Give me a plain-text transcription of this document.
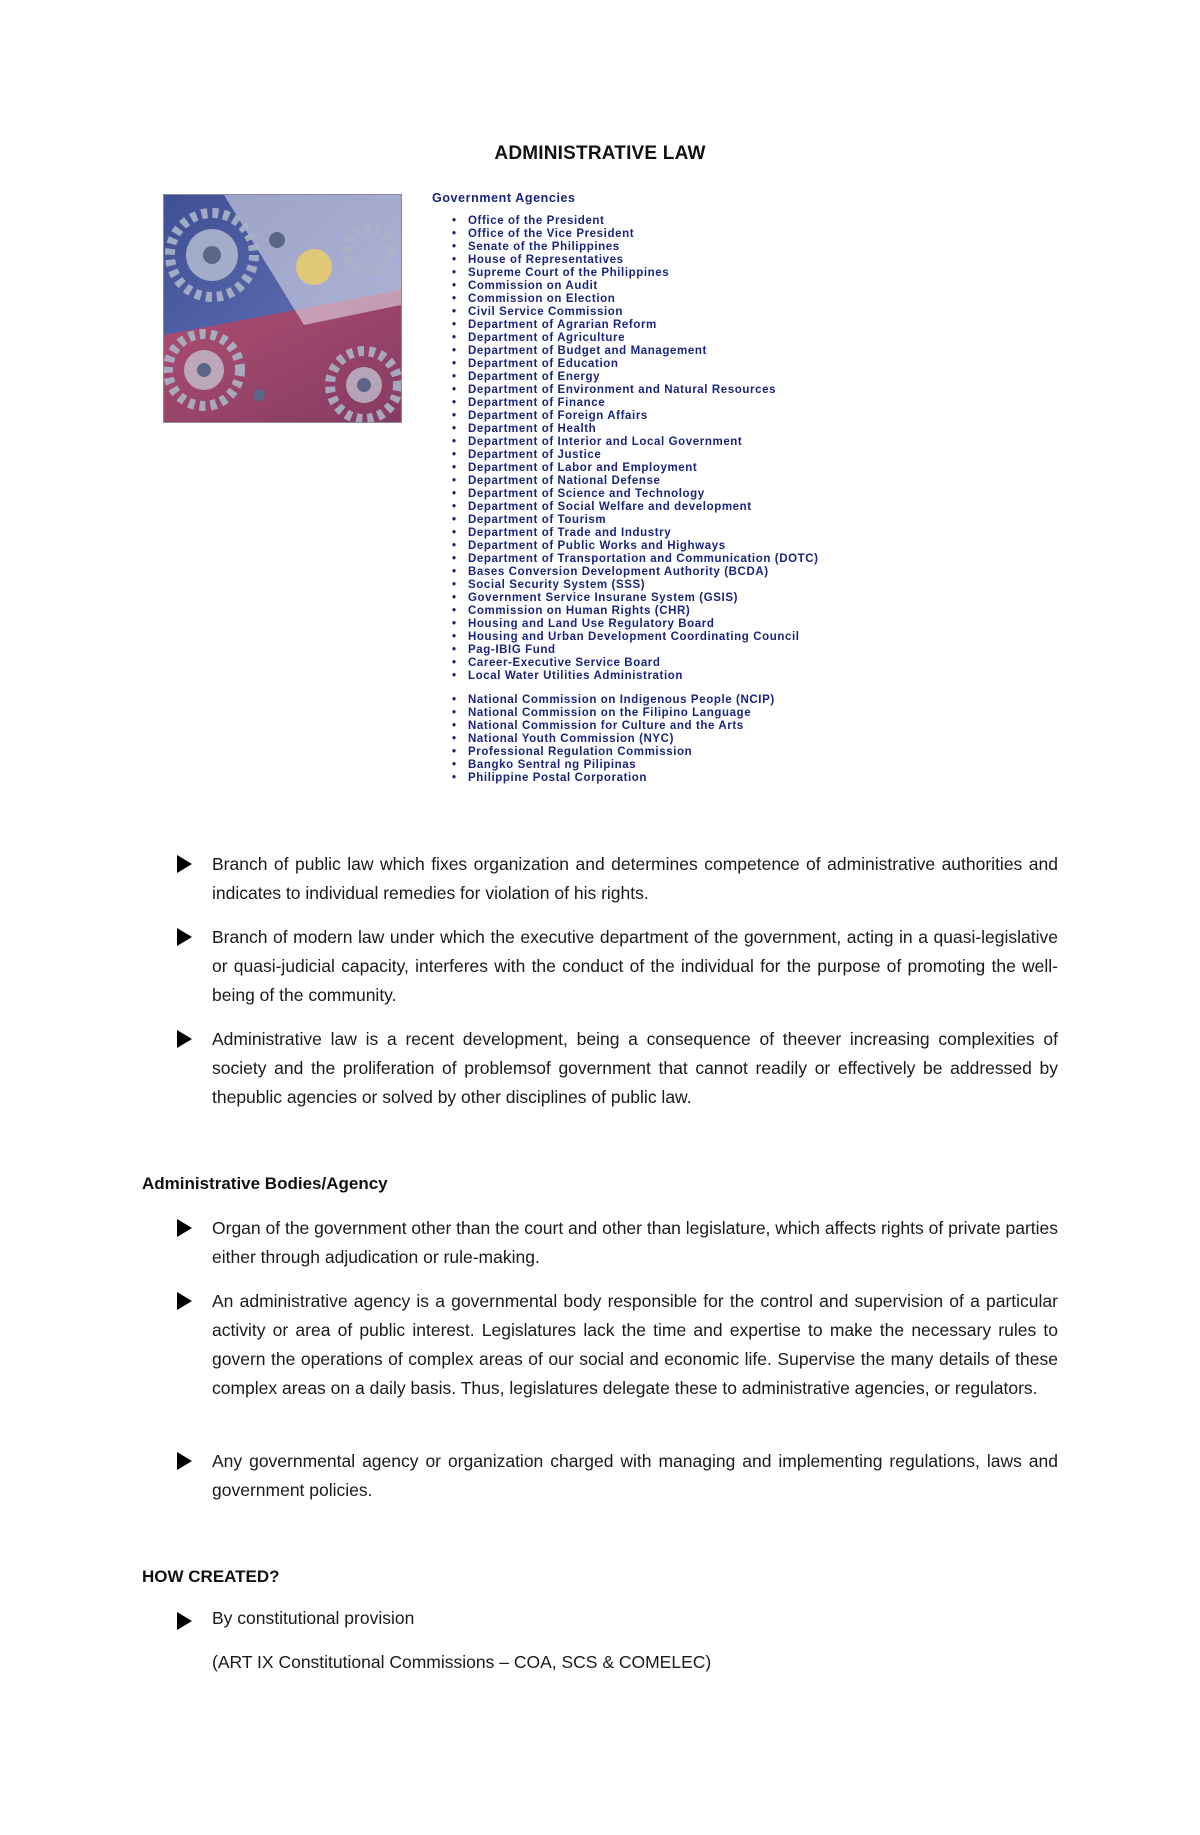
ADMINISTRATIVE LAW
Government Agencies
• Office of the President
• Office of the Vice President
• Senate of the Philippines
• House of Representatives
• Supreme Court of the Philippines
• Commission on Audit
• Commission on Election
• Civil Service Commission
• Department of Agrarian Reform
• Department of Agriculture
• Department of Budget and Management
• Department of Education
• Department of Energy
• Department of Environment and Natural Resources
• Department of Finance
• Department of Foreign Affairs
• Department of Health
• Department of Interior and Local Government
• Department of Justice
• Department of Labor and Employment
• Department of National Defense
• Department of Science and Technology
• Department of Social Welfare and development
• Department of Tourism
• Department of Trade and Industry
• Department of Public Works and Highways
• Department of Transportation and Communication (DOTC)
• Bases Conversion Development Authority (BCDA)
• Social Security System (SSS)
• Government Service Insurane System (GSIS)
• Commission on Human Rights (CHR)
• Housing and Land Use Regulatory Board
• Housing and Urban Development Coordinating Council
• Pag-IBIG Fund
• Career-Executive Service Board
• Local Water Utilities Administration
• National Commission on Indigenous People (NCIP)
• National Commission on the Filipino Language
• National Commission for Culture and the Arts
• National Youth Commission (NYC)
• Professional Regulation Commission
• Bangko Sentral ng Pilipinas
• Philippine Postal Corporation
Branch of public law which fixes organization and determines competence of administrative authorities and indicates to individual remedies for violation of his rights.
Branch of modern law under which the executive department of the government, acting in a quasi-legislative or quasi-judicial capacity, interferes with the conduct of the individual for the purpose of promoting the well-being of the community.
Administrative law is a recent development, being a consequence of theever increasing complexities of society and the proliferation of problemsof government that cannot readily or effectively be addressed by thepublic agencies or solved by other disciplines of public law.
Administrative Bodies/Agency
Organ of the government other than the court and other than legislature, which affects rights of private parties either through adjudication or rule-making.
An administrative agency is a governmental body responsible for the control and supervision of a particular activity or area of public interest. Legislatures lack the time and expertise to make the necessary rules to govern the operations of complex areas of our social and economic life. Supervise the many details of these complex areas on a daily basis. Thus, legislatures delegate these to administrative agencies, or regulators.
Any governmental agency or organization charged with managing and implementing regulations, laws and government policies.
HOW CREATED?
By constitutional provision
(ART IX Constitutional Commissions – COA, SCS & COMELEC)
